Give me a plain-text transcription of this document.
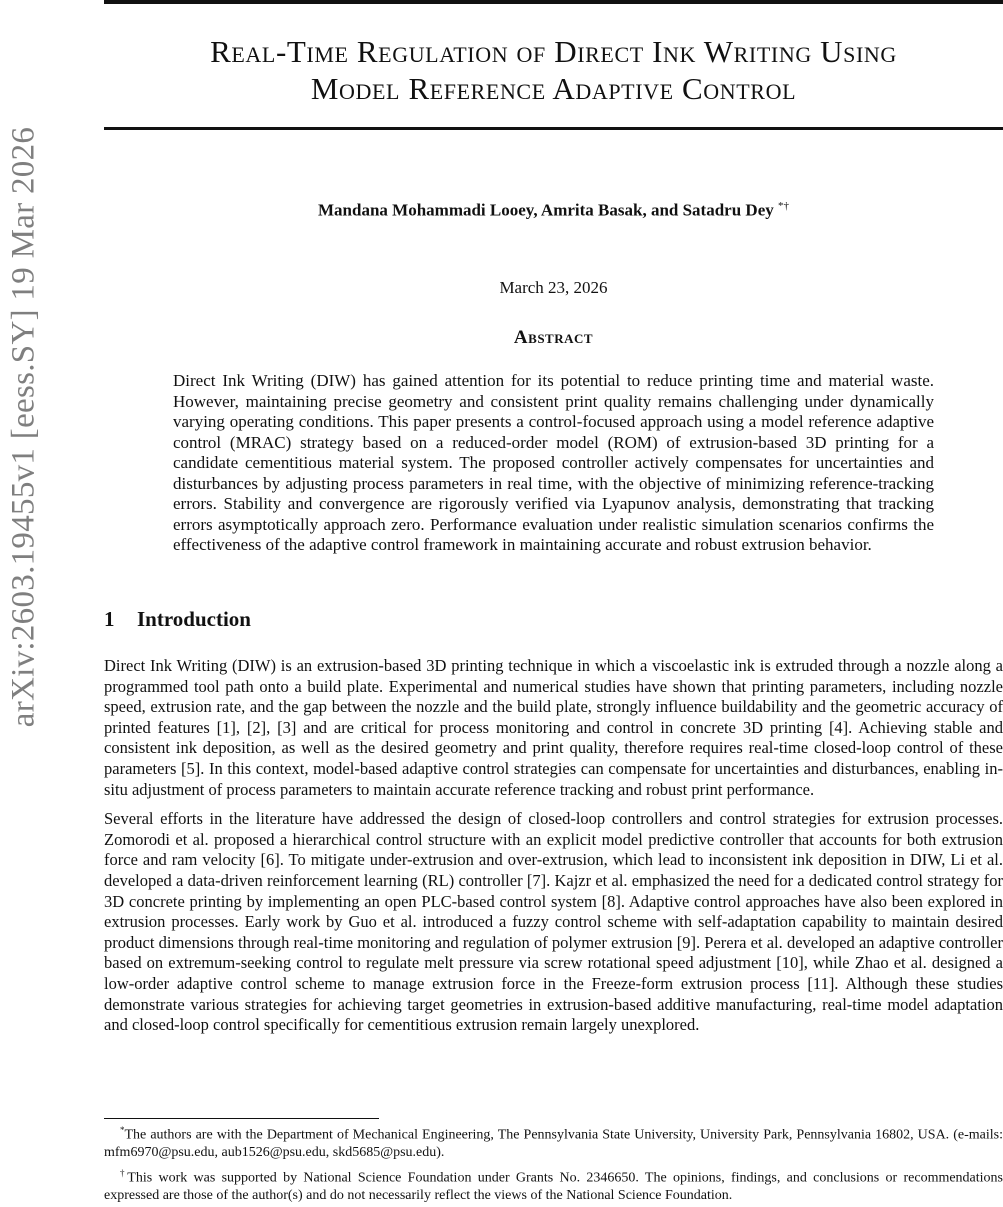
arXiv:2603.19455v1 [eess.SY] 19 Mar 2026
Real-Time Regulation of Direct Ink Writing Using
Model Reference Adaptive Control
Mandana Mohammadi Looey, Amrita Basak, and Satadru Dey *†
March 23, 2026
Abstract
Direct Ink Writing (DIW) has gained attention for its potential to reduce printing time and material waste. However, maintaining precise geometry and consistent print quality remains challenging under dynamically varying operating conditions. This paper presents a control-focused approach using a model reference adaptive control (MRAC) strategy based on a reduced-order model (ROM) of extrusion-based 3D printing for a candidate cementitious material system. The proposed controller actively compensates for uncertainties and disturbances by adjusting process parameters in real time, with the objective of minimizing reference-tracking errors. Stability and convergence are rigorously verified via Lyapunov analysis, demonstrating that tracking errors asymptotically approach zero. Performance evaluation under realistic simulation scenarios confirms the effectiveness of the adaptive control framework in maintaining accurate and robust extrusion behavior.
1 Introduction

Direct Ink Writing (DIW) is an extrusion-based 3D printing technique in which a viscoelastic ink is extruded through a nozzle along a programmed tool path onto a build plate. Experimental and numerical studies have shown that printing parameters, including nozzle speed, extrusion rate, and the gap between the nozzle and the build plate, strongly influence buildability and the geometric accuracy of printed features [1], [2], [3] and are critical for process monitoring and control in concrete 3D printing [4]. Achieving stable and consistent ink deposition, as well as the desired geometry and print quality, therefore requires real-time closed-loop control of these parameters [5]. In this context, model-based adaptive control strategies can compensate for uncertainties and disturbances, enabling in-situ adjustment of process parameters to maintain accurate reference tracking and robust print performance.

Several efforts in the literature have addressed the design of closed-loop controllers and control strategies for extrusion processes. Zomorodi et al. proposed a hierarchical control structure with an explicit model predictive controller that accounts for both extrusion force and ram velocity [6]. To mitigate under-extrusion and over-extrusion, which lead to inconsistent ink deposition in DIW, Li et al. developed a data-driven reinforcement learning (RL) controller [7]. Kajzr et al. emphasized the need for a dedicated control strategy for 3D concrete printing by implementing an open PLC-based control system [8]. Adaptive control approaches have also been explored in extrusion processes. Early work by Guo et al. introduced a fuzzy control scheme with self-adaptation capability to maintain desired product dimensions through real-time monitoring and regulation of polymer extrusion [9]. Perera et al. developed an adaptive controller based on extremum-seeking control to regulate melt pressure via screw rotational speed adjustment [10], while Zhao et al. designed a low-order adaptive control scheme to manage extrusion force in the Freeze-form extrusion process [11]. Although these studies demonstrate various strategies for achieving target geometries in extrusion-based additive manufacturing, real-time model adaptation and closed-loop control specifically for cementitious extrusion remain largely unexplored.

*The authors are with the Department of Mechanical Engineering, The Pennsylvania State University, University Park, Pennsylvania 16802, USA. (e-mails: mfm6970@psu.edu, aub1526@psu.edu, skd5685@psu.edu).

†This work was supported by National Science Foundation under Grants No. 2346650. The opinions, findings, and conclusions or recommendations expressed are those of the author(s) and do not necessarily reflect the views of the National Science Foundation.
